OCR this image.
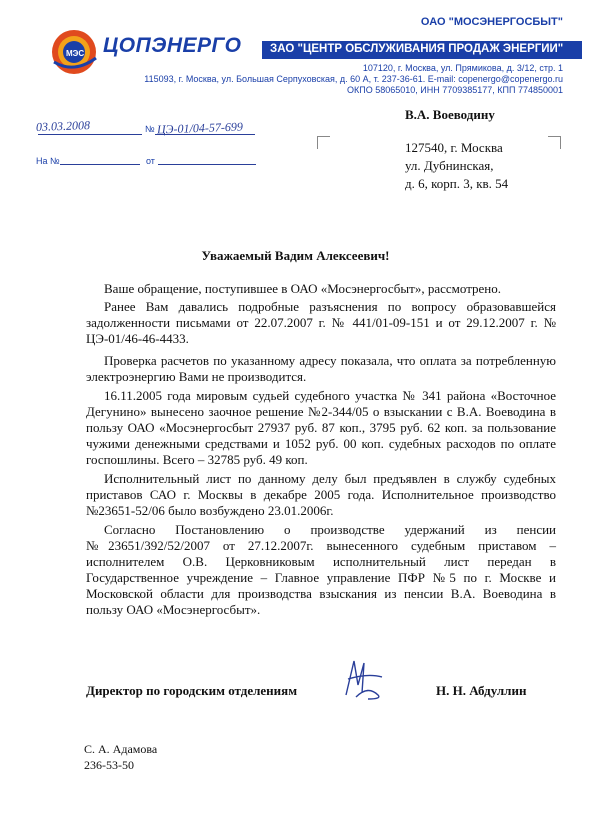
МЭС ЦОПЭНЕРГО
ОАО "МОСЭНЕРГОСБЫТ"
ЗАО "ЦЕНТР ОБСЛУЖИВАНИЯ ПРОДАЖ ЭНЕРГИИ"
107120, г. Москва, ул. Прямикова, д. 3/12, стр. 1
115093, г. Москва, ул. Большая Серпуховская, д. 60 А, т. 237-36-61. E-mail: copenergo@copenergo.ru
ОКПО 58065010, ИНН 7709385177, КПП 774850001
03.03.2008	№ ЦЭ-01/04-57-699
На №	от
В.А. Воеводину
127540, г. Москва
ул. Дубнинская,
д. 6, корп. 3, кв. 54
Уважаемый Вадим Алексеевич!

Ваше обращение, поступившее в ОАО «Мосэнергосбыт», рассмотрено.

Ранее Вам давались подробные разъяснения по вопросу образовавшейся задолженности письмами от 22.07.2007 г. № 441/01-09-151 и от 29.12.2007 г. № ЦЭ-01/46-46-4433.

Проверка расчетов по указанному адресу показала, что оплата за потребленную электроэнергию Вами не производится.

16.11.2005 года мировым судьей судебного участка № 341 района «Восточное Дегунино» вынесено заочное решение №2-344/05 о взыскании с В.А. Воеводина в пользу ОАО «Мосэнергосбыт 27937 руб. 87 коп., 3795 руб. 62 коп. за пользование чужими денежными средствами и 1052 руб. 00 коп. судебных расходов по оплате госпошлины. Всего – 32785 руб. 49 коп.

Исполнительный лист по данному делу был предъявлен в службу судебных приставов САО г. Москвы в декабре 2005 года. Исполнительное производство №23651-52/06 было возбуждено 23.01.2006г.

Согласно Постановлению о производстве удержаний из пенсии №23651/392/52/2007 от 27.12.2007г. вынесенного судебным приставом – исполнителем О.В. Церковниковым исполнительный лист передан в Государственное учреждение – Главное управление ПФР №5 по г. Москве и Московской области для производства взыскания из пенсии В.А. Воеводина в пользу ОАО «Мосэнергосбыт».

Директор по городским отделениям	Н. Н. Абдуллин
С. А. Адамова
236-53-50
